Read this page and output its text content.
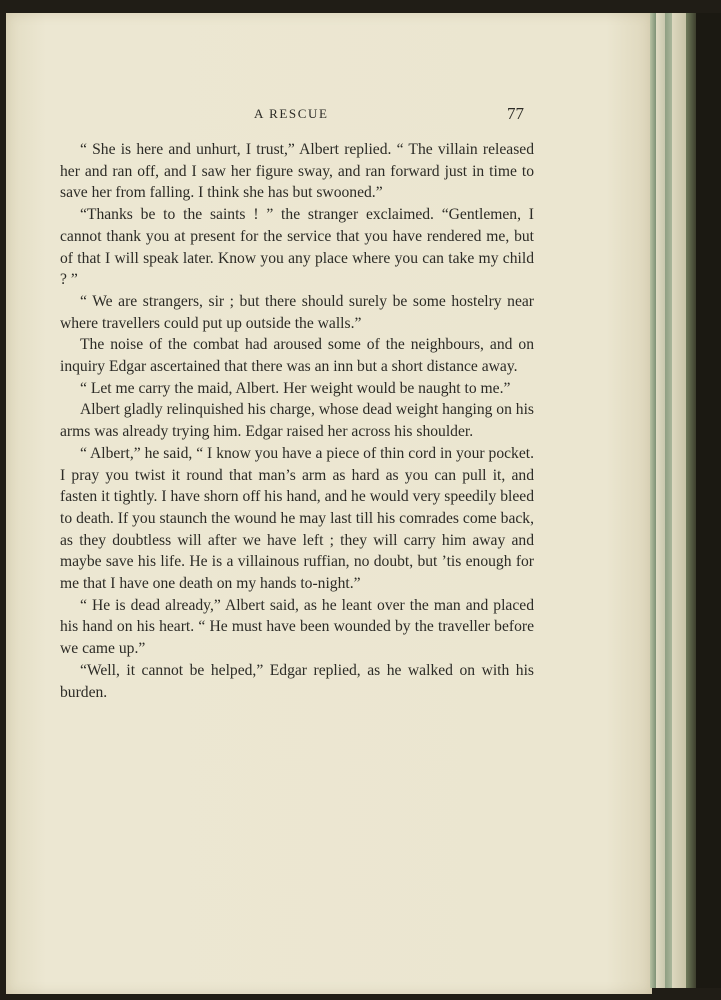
A RESCUE	77

“ She is here and unhurt, I trust,” Albert replied. “ The villain released her and ran off, and I saw her figure sway, and ran forward just in time to save her from falling. I think she has but swooned.”

“Thanks be to the saints ! ” the stranger exclaimed. “Gentlemen, I cannot thank you at present for the service that you have rendered me, but of that I will speak later. Know you any place where you can take my child ? ”

“ We are strangers, sir ; but there should surely be some hostelry near where travellers could put up outside the walls.”

The noise of the combat had aroused some of the neighbours, and on inquiry Edgar ascertained that there was an inn but a short distance away.

“ Let me carry the maid, Albert. Her weight would be naught to me.”

Albert gladly relinquished his charge, whose dead weight hanging on his arms was already trying him. Edgar raised her across his shoulder.

“ Albert,” he said, “ I know you have a piece of thin cord in your pocket. I pray you twist it round that man’s arm as hard as you can pull it, and fasten it tightly. I have shorn off his hand, and he would very speedily bleed to death. If you staunch the wound he may last till his comrades come back, as they doubtless will after we have left ; they will carry him away and maybe save his life. He is a villainous ruffian, no doubt, but ’tis enough for me that I have one death on my hands to-night.”

“ He is dead already,” Albert said, as he leant over the man and placed his hand on his heart. “ He must have been wounded by the traveller before we came up.”

“Well, it cannot be helped,” Edgar replied, as he walked on with his burden.
